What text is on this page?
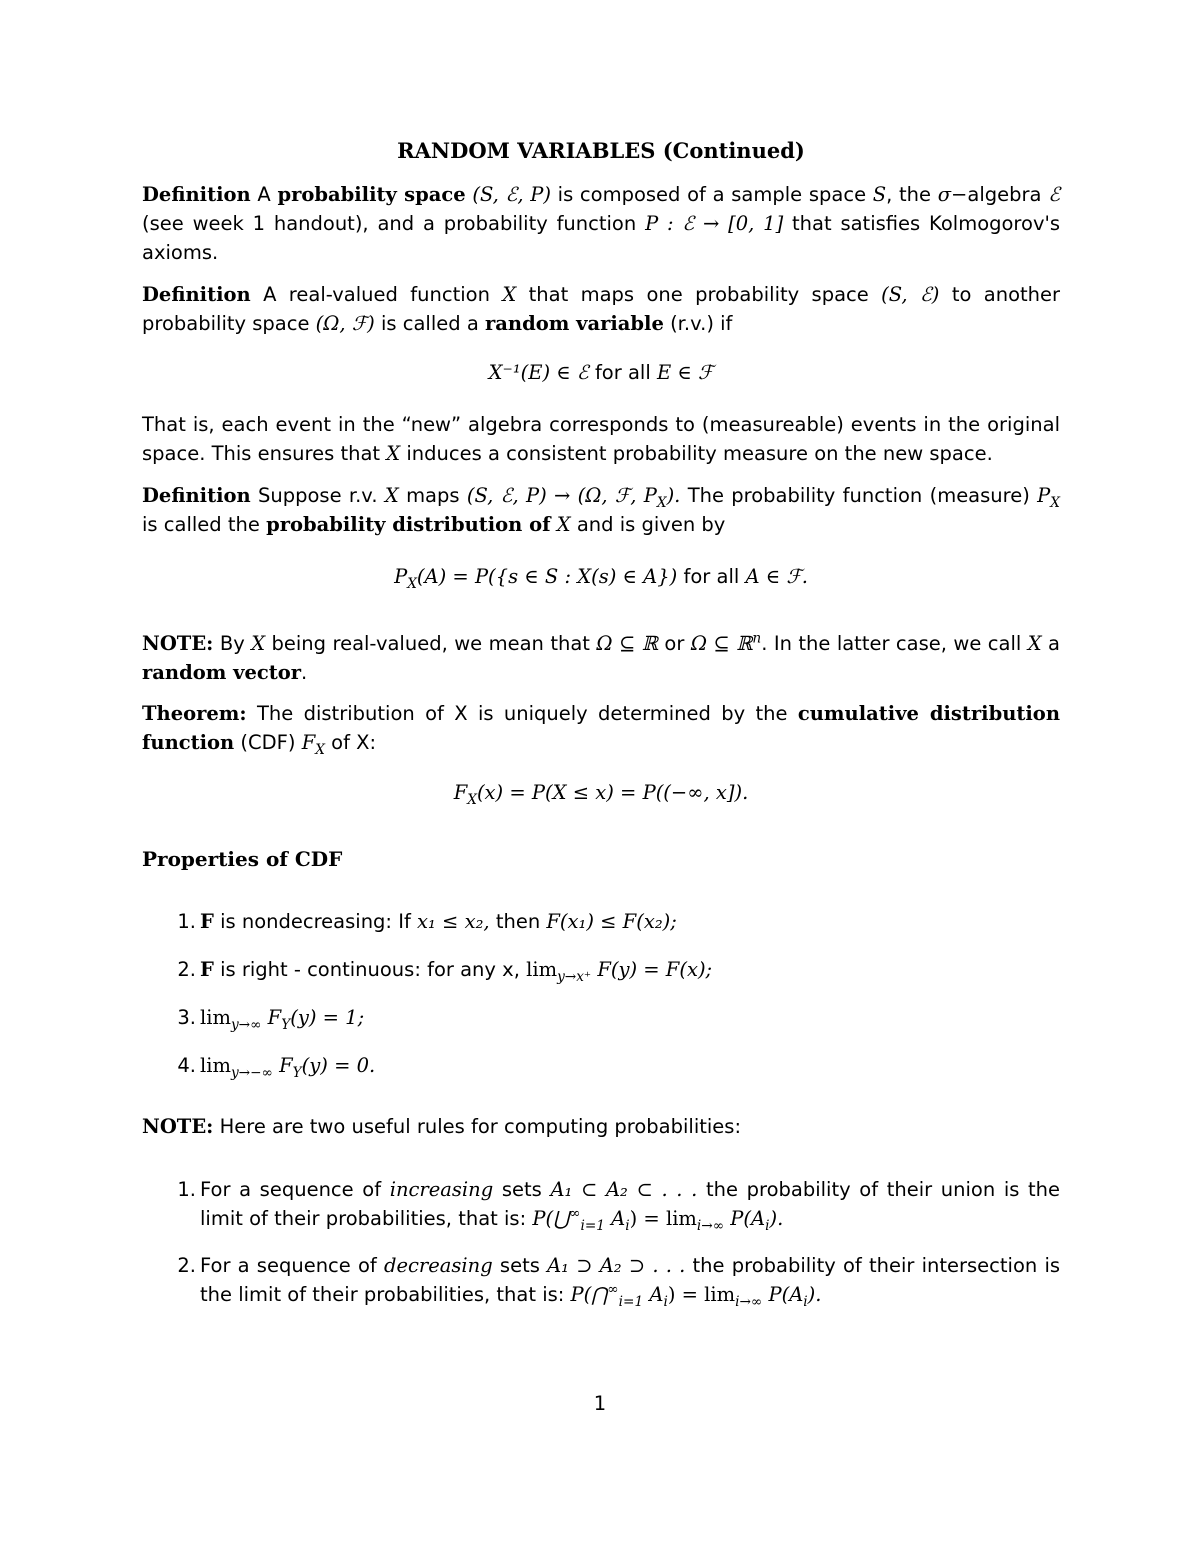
RANDOM VARIABLES (Continued)
Definition A probability space (S, ℰ, P) is composed of a sample space S, the σ−algebra ℰ (see week 1 handout), and a probability function P : ℰ → [0, 1] that satisfies Kolmogorov's axioms.
Definition A real-valued function X that maps one probability space (S, ℰ) to another probability space (Ω, ℱ) is called a random variable (r.v.) if
X⁻¹(E) ∈ ℰ for all E ∈ ℱ
That is, each event in the “new” algebra corresponds to (measureable) events in the original space. This ensures that X induces a consistent probability measure on the new space.
Definition Suppose r.v. X maps (S, ℰ, P) → (Ω, ℱ, $P_X$). The probability function (measure) $P_X$ is called the probability distribution of X and is given by
$P_X(A) = P(\{s$ ∈ S : X(s) ∈ A}) for all A ∈ ℱ.
NOTE: By X being real-valued, we mean that Ω ⊆ ℝ or Ω ⊆ ℝ$^n$. In the latter case, we call X a random vector.
Theorem: The distribution of X is uniquely determined by the cumulative distribution function (CDF) $F_X$ of X:
$F_X(x) = P(X \le x) = P((-\infty$, x]).
Properties of CDF
1. F is nondecreasing: If x₁ ≤ x₂, then F(x₁) ≤ F(x₂);
2. F is right - continuous: for any x, $\lim_{y\to x^+} F(y) = F(x)$;
3. $\lim_{y\to\infty} F_Y(y) = 1$;
4. $\lim_{y\to-\infty} F_Y(y) = 0$.
NOTE: Here are two useful rules for computing probabilities:
1. For a sequence of increasing sets A₁ ⊂ A₂ ⊂ . . . the probability of their union is the limit of their probabilities, that is: $P(⋃^\infty_{i=1}$ $A_i) = \lim_{i\to\infty} P(A_i)$.
2. For a sequence of decreasing sets A₁ ⊃ A₂ ⊃ . . . the probability of their intersection is the limit of their probabilities, that is: $P(⋂^\infty_{i=1}$ $A_i) = \lim_{i\to\infty} P(A_i)$.
1
